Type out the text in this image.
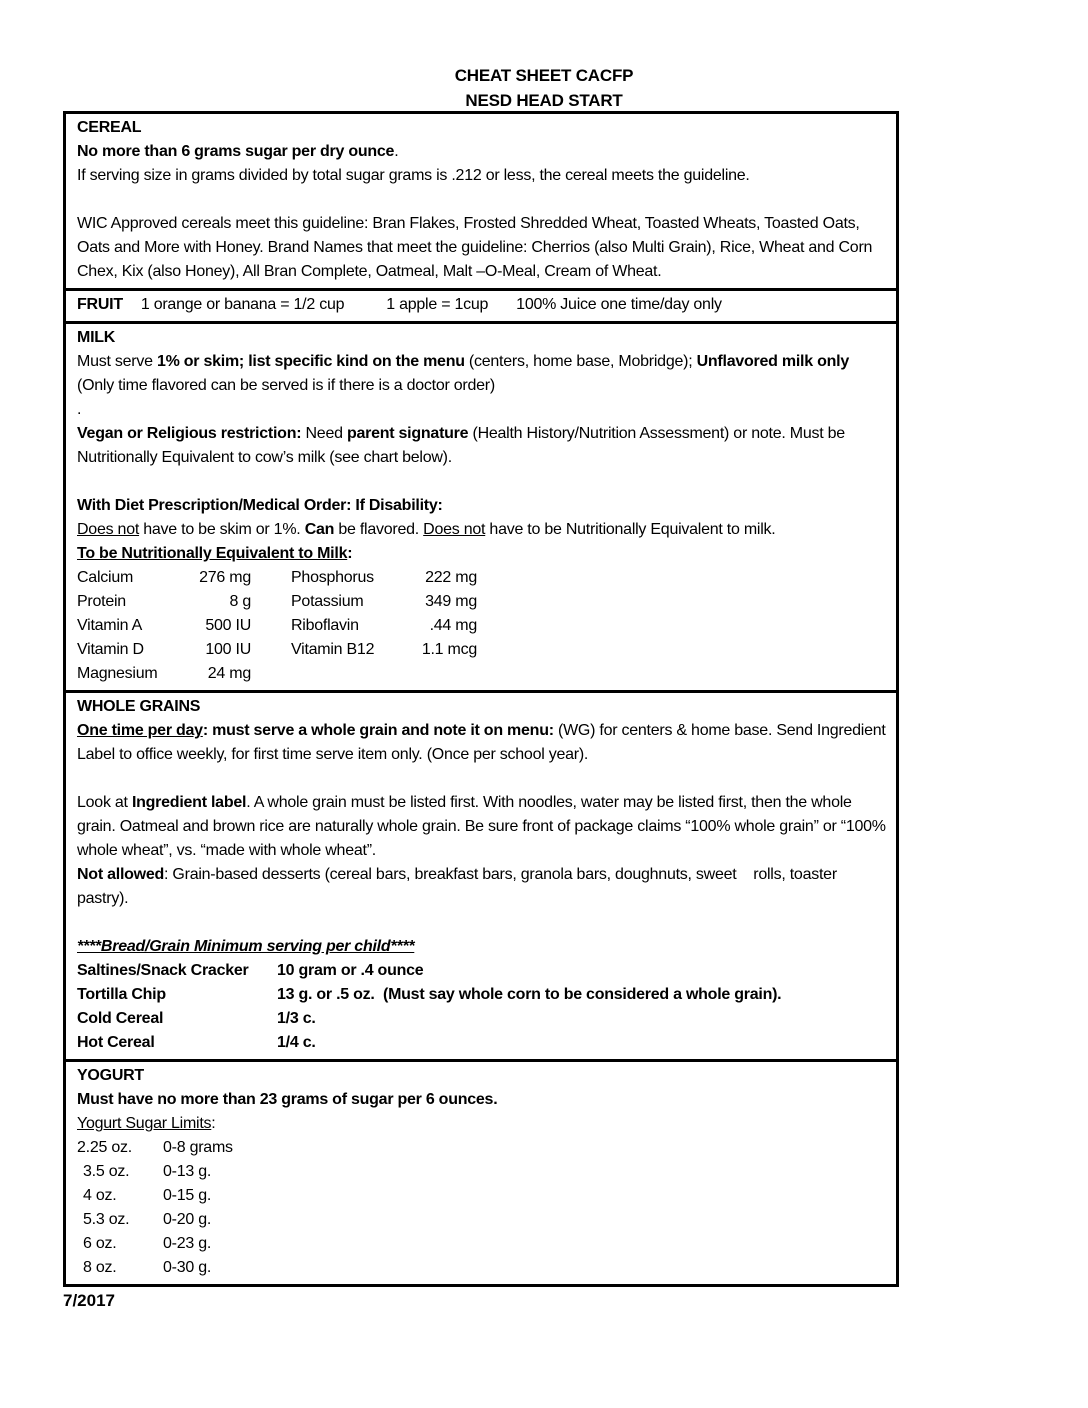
CHEAT SHEET CACFP
NESD HEAD START

CEREAL

No more than 6 grams sugar per dry ounce.

If serving size in grams divided by total sugar grams is .212 or less, the cereal meets the guideline.

WIC Approved cereals meet this guideline: Bran Flakes, Frosted Shredded Wheat, Toasted Wheats, Toasted Oats, Oats and More with Honey. Brand Names that meet the guideline: Cherrios (also Multi Grain), Rice, Wheat and Corn Chex, Kix (also Honey), All Bran Complete, Oatmeal, Malt –O-Meal, Cream of Wheat.

FRUIT 1 orange or banana = 1/2 cup	1 apple = 1cup 100% Juice one time/day only

MILK

Must serve 1% or skim; list specific kind on the menu (centers, home base, Mobridge); Unflavored milk only (Only time flavored can be served is if there is a doctor order)

.

Vegan or Religious restriction: Need parent signature (Health History/Nutrition Assessment) or note. Must be Nutritionally Equivalent to cow’s milk (see chart below).

With Diet Prescription/Medical Order: If Disability:

Does not have to be skim or 1%. Can be flavored. Does not have to be Nutritionally Equivalent to milk.

To be Nutritionally Equivalent to Milk:

Calcium	276 mg	Phosphorus	222 mg
Protein	8 g	Potassium	349 mg
Vitamin A	500 IU	Riboflavin	.44 mg
Vitamin D	100 IU	Vitamin B12	1.1 mcg
Magnesium	24 mg

WHOLE GRAINS

One time per day: must serve a whole grain and note it on menu: (WG) for centers & home base. Send Ingredient Label to office weekly, for first time serve item only. (Once per school year).

Look at Ingredient label. A whole grain must be listed first. With noodles, water may be listed first, then the whole grain. Oatmeal and brown rice are naturally whole grain. Be sure front of package claims “100% whole grain” or “100% whole wheat”, vs. “made with whole wheat”.

Not allowed: Grain-based desserts (cereal bars, breakfast bars, granola bars, doughnuts, sweet    rolls, toaster pastry).

****Bread/Grain Minimum serving per child****

Saltines/Snack Cracker	10 gram or .4 ounce
Tortilla Chip	13 g. or .5 oz.  (Must say whole corn to be considered a whole grain).
Cold Cereal	1/3 c.
Hot Cereal	1/4 c.

YOGURT

Must have no more than 23 grams of sugar per 6 ounces.

Yogurt Sugar Limits:

2.25 oz.	0-8 grams
3.5 oz.	0-13 g.
4 oz.	0-15 g.
5.3 oz.	0-20 g.
6 oz.	0-23 g.
8 oz.	0-30 g.
7/2017
